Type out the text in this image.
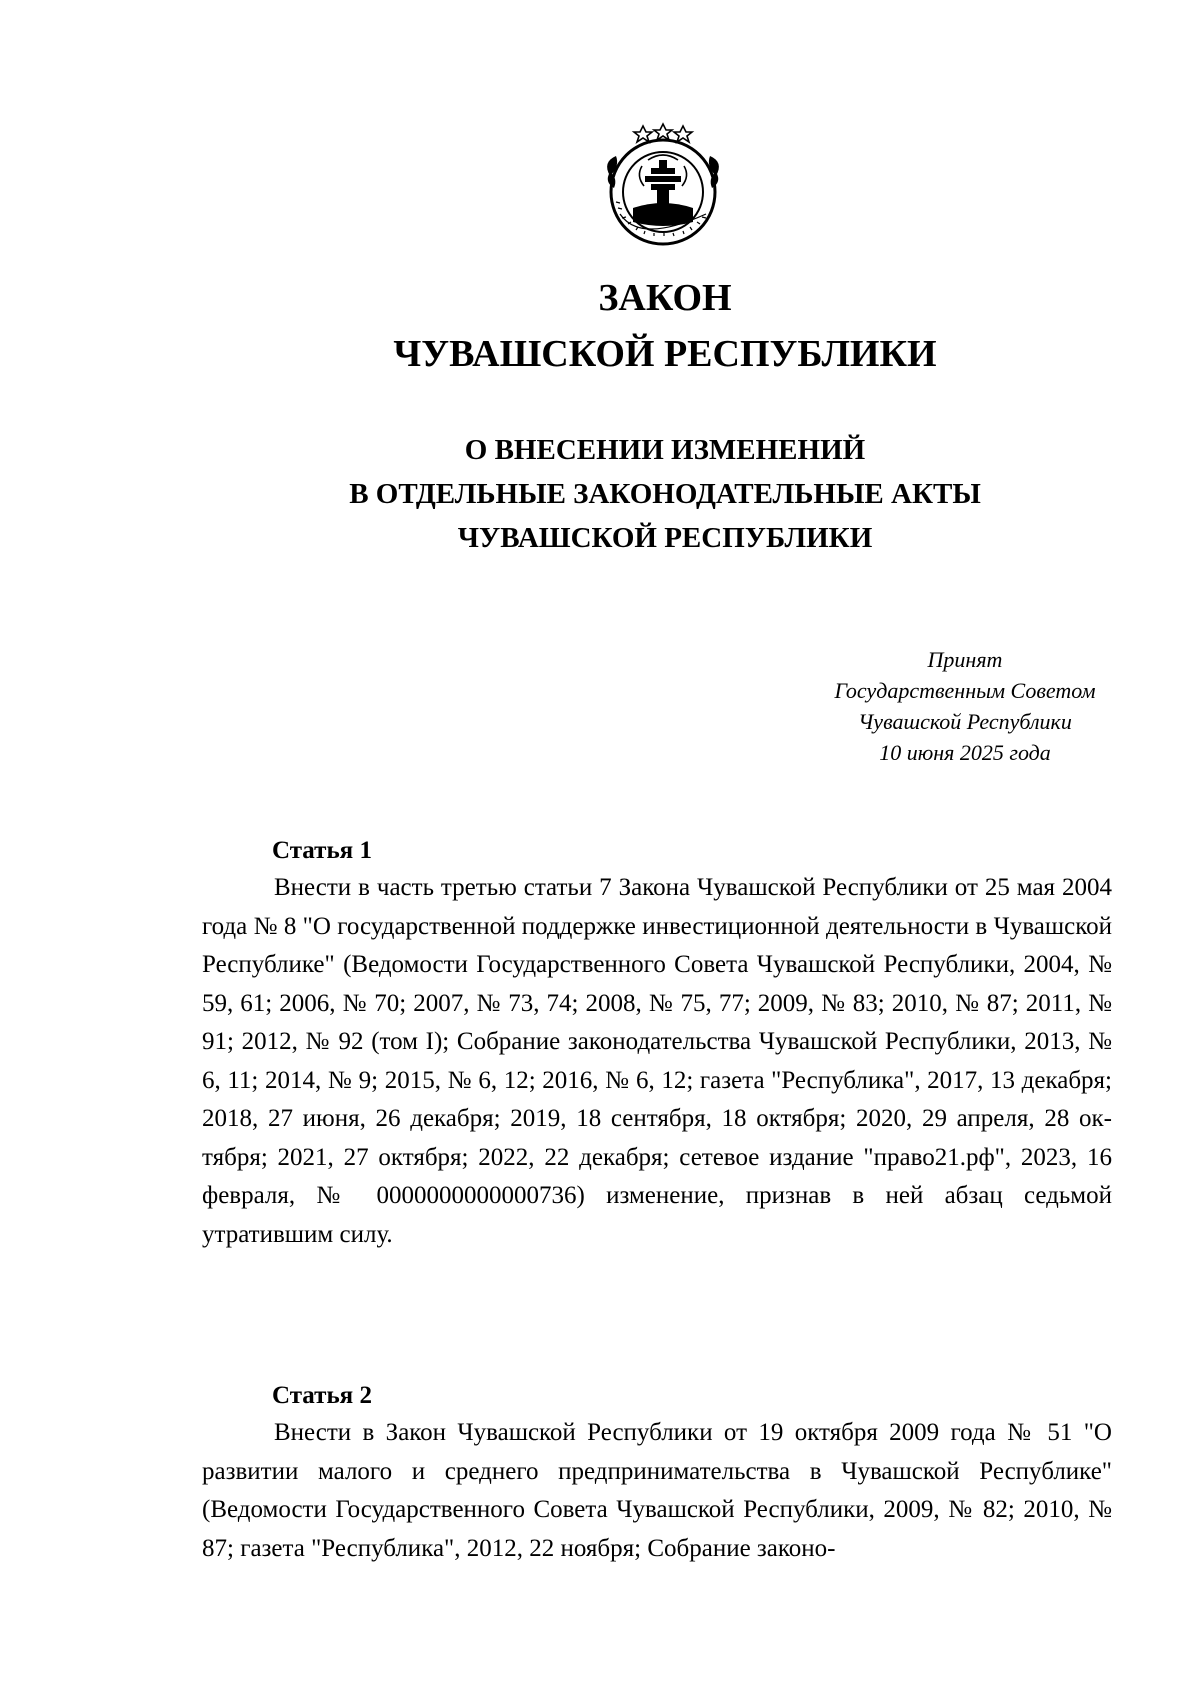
ЗАКОН
ЧУВАШСКОЙ РЕСПУБЛИКИ
О ВНЕСЕНИИ ИЗМЕНЕНИЙ
В ОТДЕЛЬНЫЕ ЗАКОНОДАТЕЛЬНЫЕ АКТЫ
ЧУВАШСКОЙ РЕСПУБЛИКИ
Принят
Государственным Советом
Чувашской Республики
10 июня 2025 года

Статья 1

Внести в часть третью статьи 7 Закона Чувашской Республики от 25 мая 2004 года № 8 "О государственной поддержке инвестиционной деятельности в Чувашской Республике" (Ведомости Государственного Совета Чувашской Республики, 2004, № 59, 61; 2006, № 70; 2007, № 73, 74; 2008, № 75, 77; 2009, № 83; 2010, № 87; 2011, № 91; 2012, № 92 (том I); Собрание законодательства Чувашской Республики, 2013, № 6, 11; 2014, № 9; 2015, № 6, 12; 2016, № 6, 12; газета "Республика", 2017, 13 декабря; 2018, 27 июня, 26 декабря; 2019, 18 сентября, 18 октября; 2020, 29 апреля, 28 октября; 2021, 27 октября; 2022, 22 декабря; сетевое издание "право21.рф", 2023, 16 февраля, № 0000000000000736) изменение, признав в ней абзац седьмой утратившим силу.

Статья 2

Внести в Закон Чувашской Республики от 19 октября 2009 года № 51 "О развитии малого и среднего предпринимательства в Чувашской Республике" (Ведомости Государственного Совета Чувашской Республики, 2009, № 82; 2010, № 87; газета "Республика", 2012, 22 ноября; Собрание законо-
